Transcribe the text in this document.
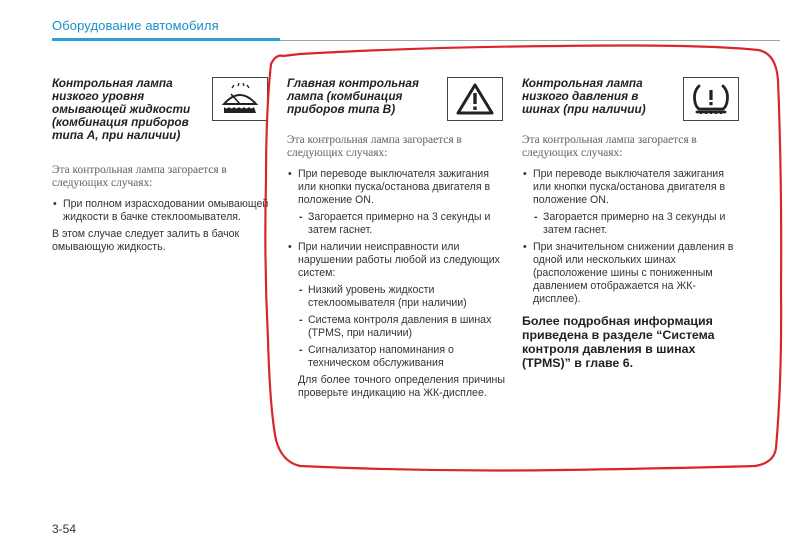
Оборудование автомобиля
Контрольная лампа низкого уровня омывающей жидкости (комбинация приборов типа A, при наличии)
Эта контрольная лампа загорается в следующих случаях:
• При полном израсходовании омывающей жидкости в бачке стеклоомывателя.
В этом случае следует залить в бачок омывающую жидкость.
Главная контрольная лампа (комбинация приборов типа B)
Эта контрольная лампа загорается в следующих случаях:
• При переводе выключателя зажигания или кнопки пуска/останова двигателя в положение ON.
- Загорается примерно на 3 секунды и затем гаснет.
• При наличии неисправности или нарушении работы любой из следующих систем:
- Низкий уровень жидкости стеклоомывателя (при наличии)
- Система контроля давления в шинах (TPMS, при наличии)
- Сигнализатор напоминания о техническом обслуживания
Для более точного определения причины проверьте индикацию на ЖК-дисплее.
Контрольная лампа низкого давления в шинах (при наличии)
Эта контрольная лампа загорается в следующих случаях:
• При переводе выключателя зажигания или кнопки пуска/останова двигателя в положение ON.
- Загорается примерно на 3 секунды и затем гаснет.
• При значительном снижении давления в одной или нескольких шинах (расположение шины с пониженным давлением отображается на ЖК-дисплее).
Более подробная информация приведена в разделе “Система контроля давления в шинах (TPMS)” в главе 6.
3-54
